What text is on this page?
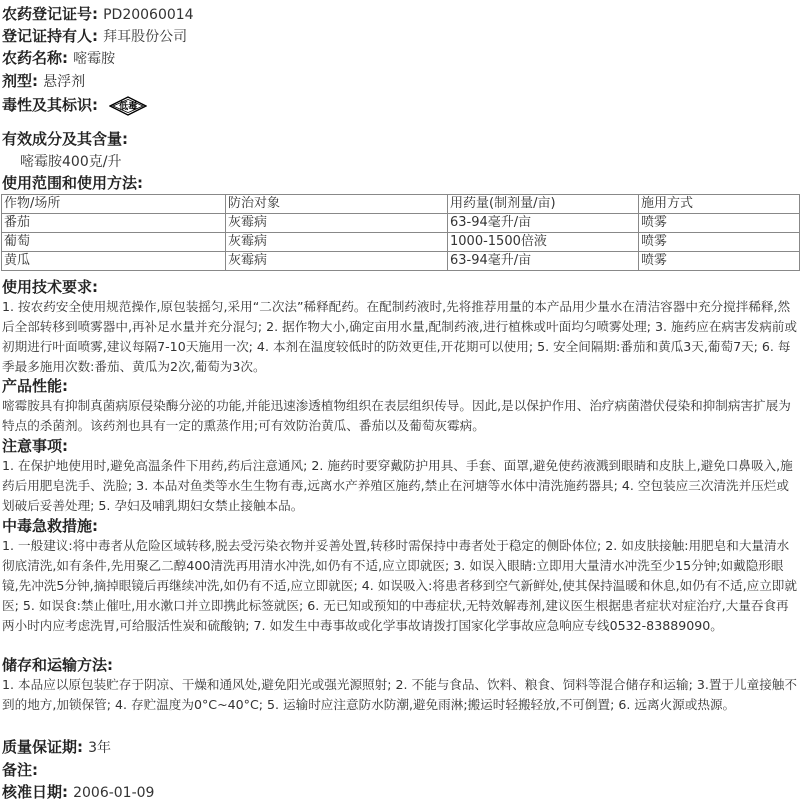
农药登记证号: PD20060014
登记证持有人: 拜耳股份公司
农药名称: 嘧霉胺
剂型: 悬浮剂
毒性及其标识:	低毒
有效成分及其含量:
嘧霉胺400克/升
使用范围和使用方法:
作物/场所	防治对象	用药量(制剂量/亩)	施用方式
番茄	灰霉病	63-94毫升/亩	喷雾
葡萄	灰霉病	1000-1500倍液	喷雾
黄瓜	灰霉病	63-94毫升/亩	喷雾
使用技术要求:
1. 按农药安全使用规范操作,原包装摇匀,采用“二次法”稀释配药。在配制药液时,先将推荐用量的本产品用少量水在清洁容器中充分搅拌稀释,然后全部转移到喷雾器中,再补足水量并充分混匀; 2. 据作物大小,确定亩用水量,配制药液,进行植株或叶面均匀喷雾处理; 3. 施药应在病害发病前或初期进行叶面喷雾,建议每隔7-10天施用一次; 4. 本剂在温度较低时的防效更佳,开花期可以使用; 5. 安全间隔期:番茄和黄瓜3天,葡萄7天; 6. 每季最多施用次数:番茄、黄瓜为2次,葡萄为3次。
产品性能:
嘧霉胺具有抑制真菌病原侵染酶分泌的功能,并能迅速渗透植物组织在表层组织传导。因此,是以保护作用、治疗病菌潜伏侵染和抑制病害扩展为特点的杀菌剂。该药剂也具有一定的熏蒸作用;可有效防治黄瓜、番茄以及葡萄灰霉病。
注意事项:
1. 在保护地使用时,避免高温条件下用药,药后注意通风; 2. 施药时要穿戴防护用具、手套、面罩,避免使药液溅到眼睛和皮肤上,避免口鼻吸入,施药后用肥皂洗手、洗脸; 3. 本品对鱼类等水生生物有毒,远离水产养殖区施药,禁止在河塘等水体中清洗施药器具; 4. 空包装应三次清洗并压烂或划破后妥善处理; 5. 孕妇及哺乳期妇女禁止接触本品。
中毒急救措施:
1. 一般建议:将中毒者从危险区域转移,脱去受污染衣物并妥善处置,转移时需保持中毒者处于稳定的侧卧体位; 2. 如皮肤接触:用肥皂和大量清水彻底清洗,如有条件,先用聚乙二醇400清洗再用清水冲洗,如仍有不适,应立即就医; 3. 如误入眼睛:立即用大量清水冲洗至少15分钟;如戴隐形眼镜,先冲洗5分钟,摘掉眼镜后再继续冲洗,如仍有不适,应立即就医; 4. 如误吸入:将患者移到空气新鲜处,使其保持温暖和休息,如仍有不适,应立即就医; 5. 如误食:禁止催吐,用水漱口并立即携此标签就医; 6. 无已知或预知的中毒症状,无特效解毒剂,建议医生根据患者症状对症治疗,大量吞食再两小时内应考虑洗胃,可给服活性炭和硫酸钠; 7. 如发生中毒事故或化学事故请拨打国家化学事故应急响应专线0532-83889090。
储存和运输方法:
1. 本品应以原包装贮存于阴凉、干燥和通风处,避免阳光或强光源照射; 2. 不能与食品、饮料、粮食、饲料等混合储存和运输; 3.置于儿童接触不到的地方,加锁保管; 4. 存贮温度为0°C~40°C; 5. 运输时应注意防水防潮,避免雨淋;搬运时轻搬轻放,不可倒置; 6. 远离火源或热源。
质量保证期: 3年
备注:
核准日期: 2006-01-09
